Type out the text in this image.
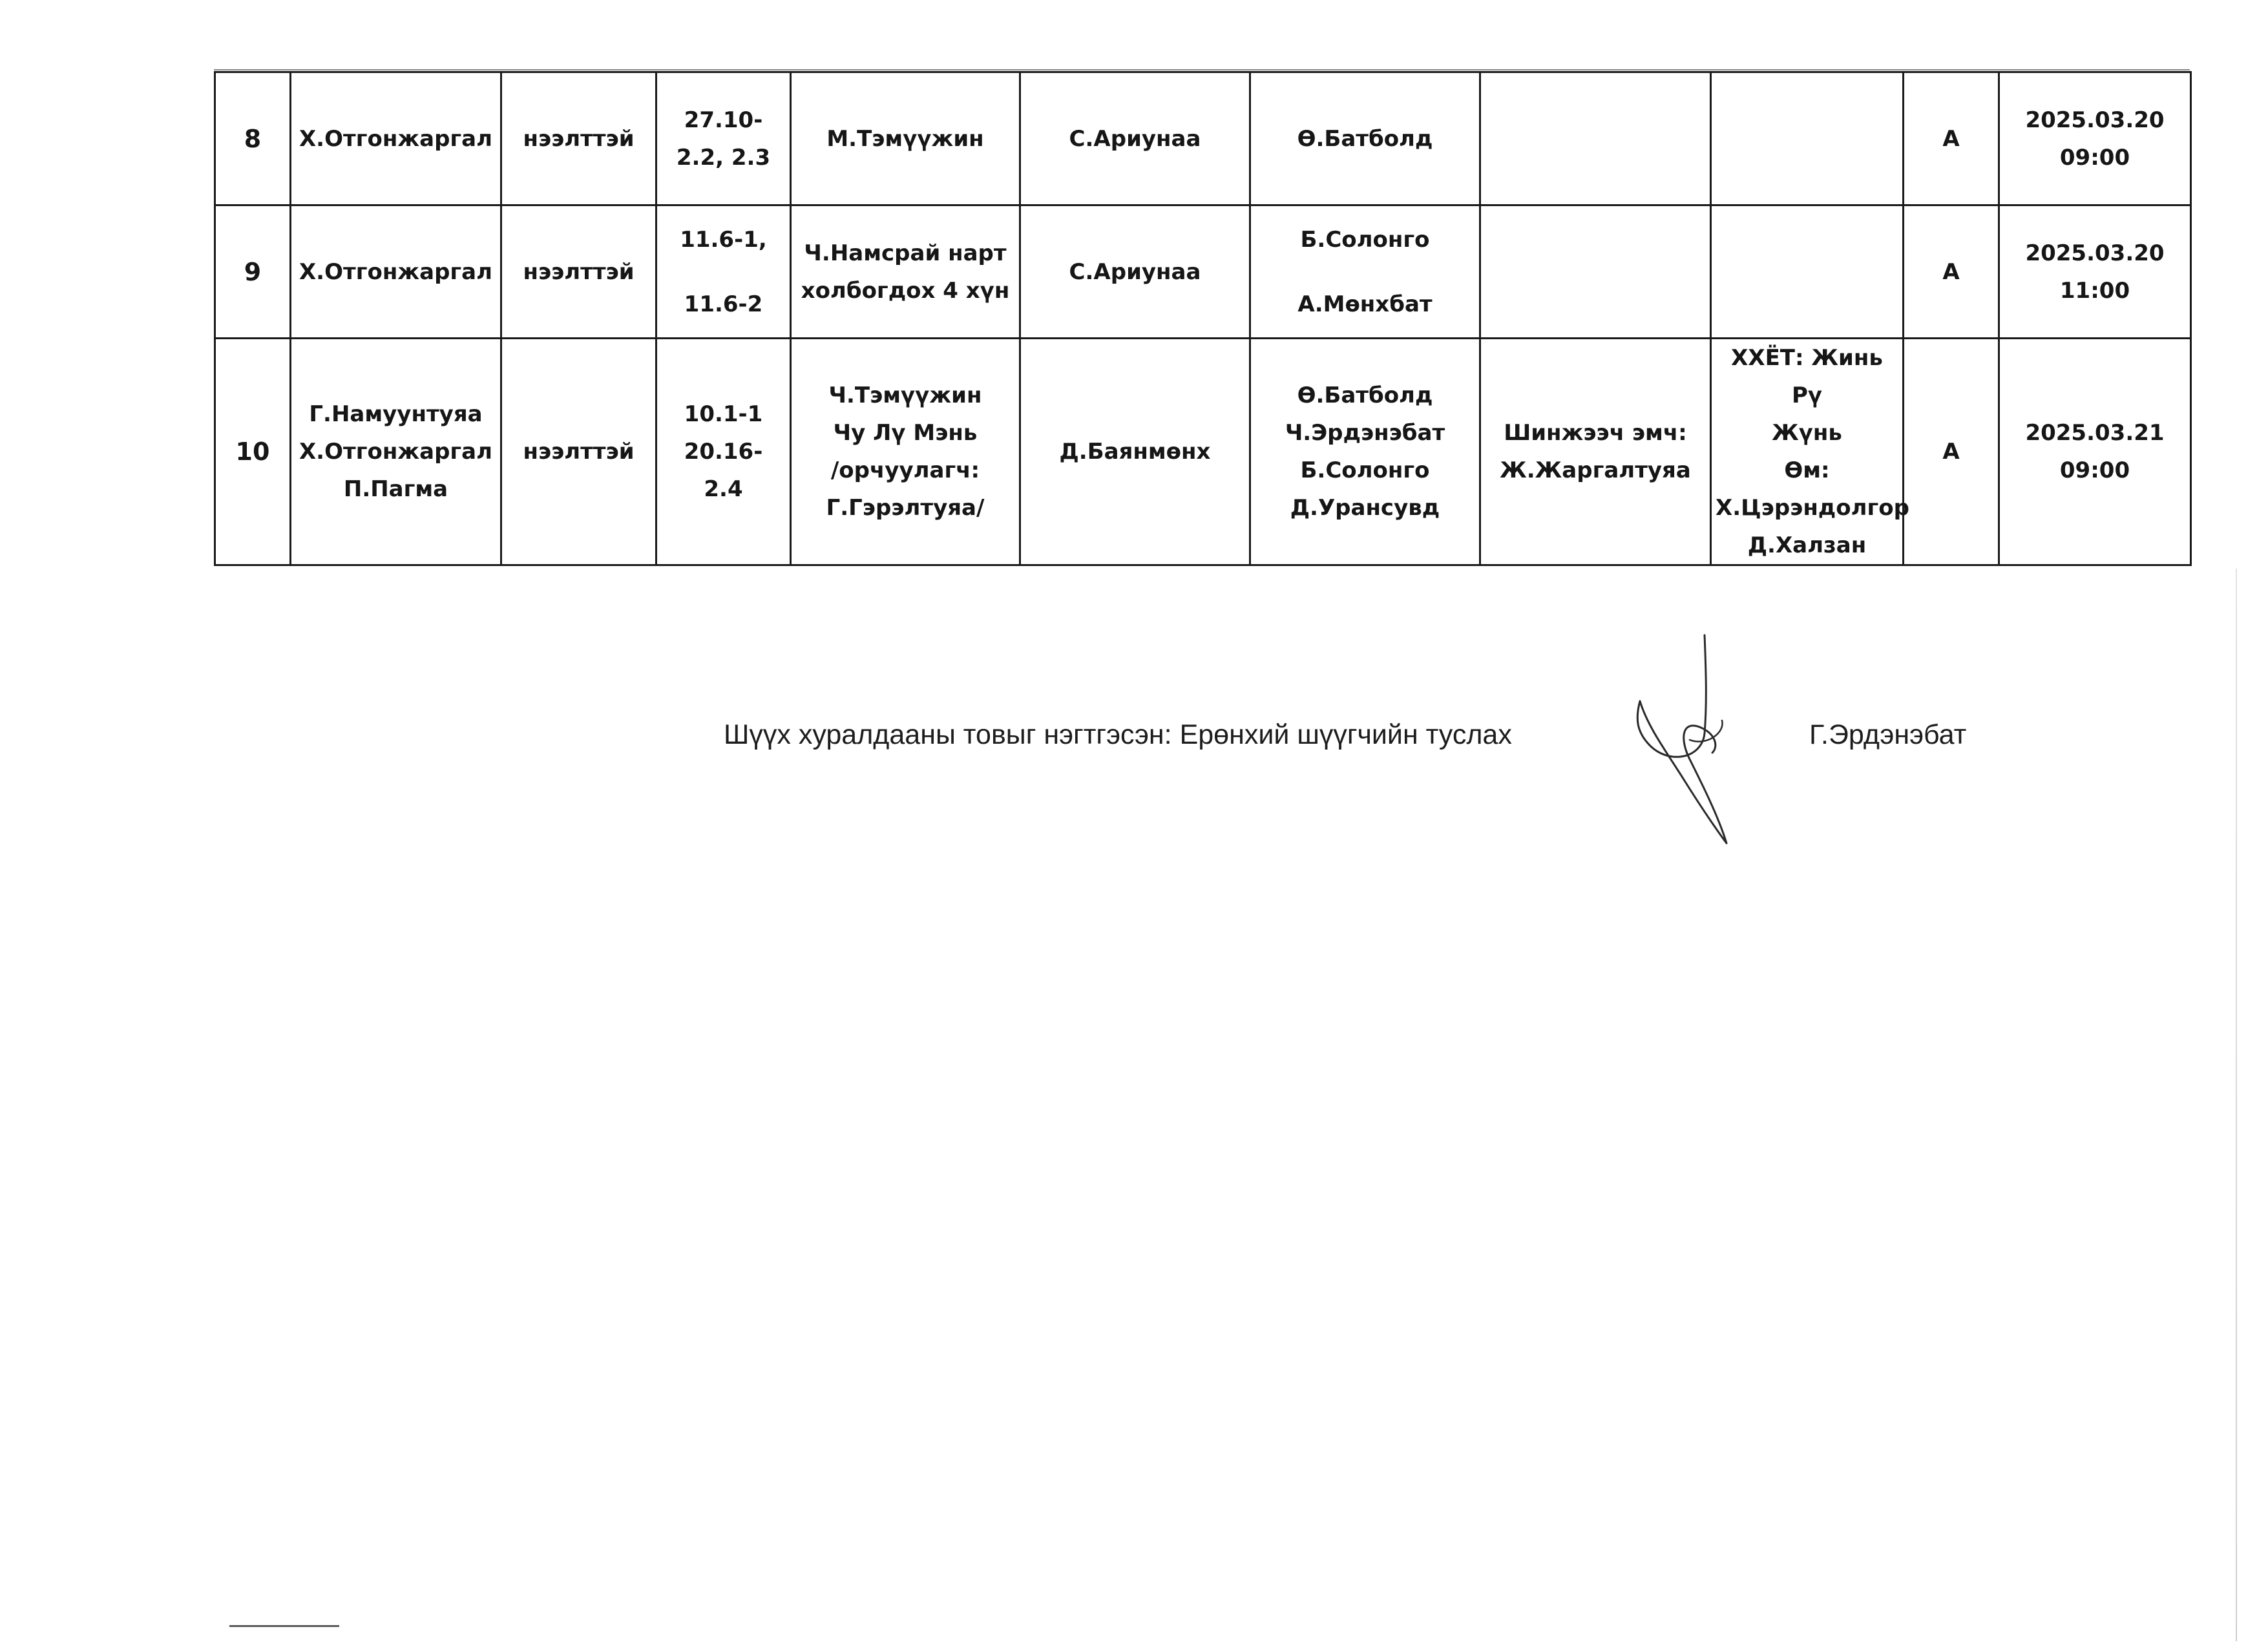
8	Х.Отгонжаргал	нээлттэй	27.10-
2.2, 2.3	М.Тэмүүжин	С.Ариунаа	Ө.Батболд			А	2025.03.20
09:00

9	Х.Отгонжаргал	нээлттэй	11.6-1,
11.6-2	Ч.Намсрай нарт
холбогдох 4 хүн	С.Ариунаа	Б.Солонго
А.Мөнхбат			А	2025.03.20
11:00

10	Г.Намуунтуяа
Х.Отгонжаргал
П.Пагма	нээлттэй	10.1-1
20.16-
2.4	Ч.Тэмүүжин
Чу Лү Мэнь
/орчуулагч:
Г.Гэрэлтуяа/	Д.Баянмөнх	Ө.Батболд
Ч.Эрдэнэбат
Б.Солонго
Д.Урансувд	Шинжээч эмч:
Ж.Жаргалтуяа	ХХЁТ: Жинь Рү
Жүнь
Өм:
Х.Цэрэндолгор
Д.Халзан	А	2025.03.21
09:00
Шүүх хуралдааны товыг нэгтгэсэн: Ерөнхий шүүгчийн туслах	Г.Эрдэнэбат
